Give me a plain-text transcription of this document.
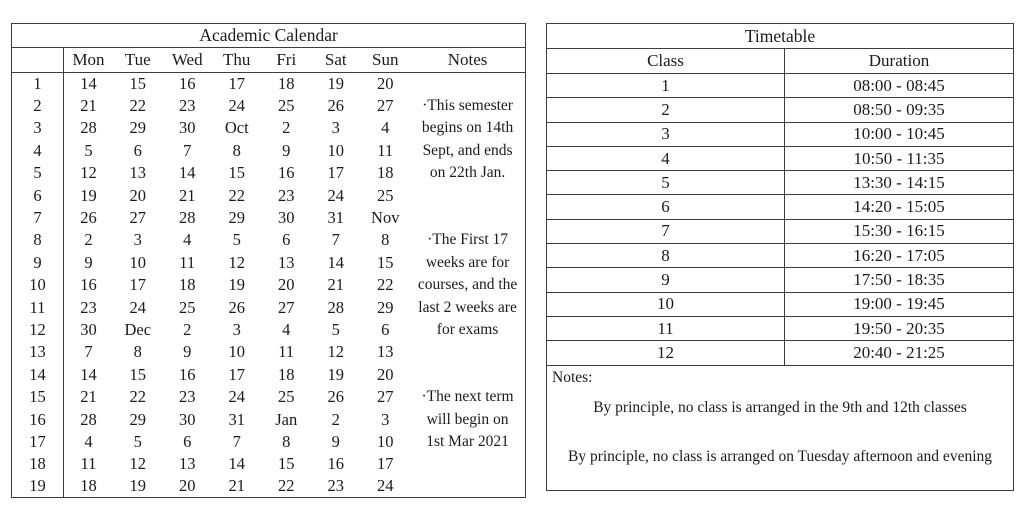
Academic Calendar								
	Mon	Tue	Wed	Thu	Fri	Sat	Sun	Notes
1	14	15	16	17	18	19	20	
2	21	22	23	24	25	26	27	·This semester
3	28	29	30	Oct	2	3	4	begins on 14th
4	5	6	7	8	9	10	11	Sept, and ends
5	12	13	14	15	16	17	18	on 22th Jan.
6	19	20	21	22	23	24	25	
7	26	27	28	29	30	31	Nov	
8	2	3	4	5	6	7	8	·The First 17
9	9	10	11	12	13	14	15	weeks are for
10	16	17	18	19	20	21	22	courses, and the
11	23	24	25	26	27	28	29	last 2 weeks are
12	30	Dec	2	3	4	5	6	for exams
13	7	8	9	10	11	12	13	
14	14	15	16	17	18	19	20	
15	21	22	23	24	25	26	27	·The next term
16	28	29	30	31	Jan	2	3	will begin on
17	4	5	6	7	8	9	10	1st Mar 2021
18	11	12	13	14	15	16	17	
19	18	19	20	21	22	23	24	
Timetable	
Class	Duration
1	08:00 - 08:45
2	08:50 - 09:35
3	10:00 - 10:45
4	10:50 - 11:35
5	13:30 - 14:15
6	14:20 - 15:05
7	15:30 - 16:15
8	16:20 - 17:05
9	17:50 - 18:35
10	19:00 - 19:45
11	19:50 - 20:35
12	20:40 - 21:25

Notes:
By principle, no class is arranged in the 9th and 12th classes
By principle, no class is arranged on Tuesday afternoon and evening	
